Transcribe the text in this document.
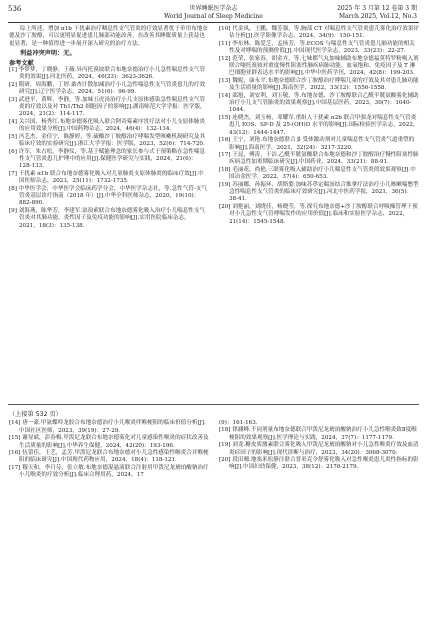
536	世界睡眠医学杂志
World Journal of Sleep Medicine
2025 年 3 月第 12 卷第 3 期
March 2025, Vol.12, No.3

综上所述，增加 α1b 干扰素治疗咽息性支气管炎的疗效显著优于单用布地奈德及沙丁胺醇，可以更明显促进患儿肺部功能改善，在改善其睡眠质量上获益也更显著，是一种值得进一步展开深入研究的治疗方法。

利益冲突声明：无。

参考文献

[1] 李梦梦，丁晓静，王薇.异丙托溴铵联合布地奈德治疗小儿急性喘息性支气管炎的效果[J].河北医药，2024，46(23)：3623-3626.

[2] 隋研，周海鹏，丁婷.桑杏汁散加减治疗小儿急性喘息性支气管炎患儿的疗效研究[J].辽宁医学杂志，2024，51(6)：96-99.

[3] 武进平，黄辉，李静，等.加味五虎汤治疗小儿支原体感染急性喘息性支气管炎的疗效以及对 Th1/Th2 细胞因子的影响[J].湖南师范大学学报：医学版，2024，21(2)：114-117.

[4] 关兴国，杨秀红.布地奈德雾化吸入联合阿奇霉素序贯疗法对小儿支原体肺炎的应用效果分析[J].中国药物杂志，2024，46(4)：132-134.

[5] 冯艺杰，金佳宁，陈静婷，等.硫酸沙丁胺醇治疗哮喘发型咳嗽机制研究及其临床疗效的实验研究[J].浙江大学学报：医学版，2023，52(6)：714-720.

[6] 许军，朱占松，李静仪，等.基于赋能理念的家长参与式于预策略在急性喘息性支气管炎患儿护理中的应用[J].保健医学研究与实践，2024，21(6)：128-133.

[7] 干扰素 α1b 联合布地奈德雾化吸入对儿童肺炎支原体肺炎的临床疗效[J].中国医师杂志，2023，25(11)：1732-1735.

[8] 中华医学会，中华医学会临床药学分会，中华医学杂志社，等.急性气管-支气管炎基层诊疗指南（2018 年）[J].中华全科医师杂志，2020，19(10)：882-890.

[9] 刘海燕，陈华芳，李建军.氨溴索联合布地奈德雾化吸入治疗小儿喘息性支气管炎对其肺功能、炎性因子及免疫功能的影响[J].实用医院临床杂志，2021，18(3)：135-138.

[10] 代金凤，王鹏，魏芳强，等.胸部 CT 对喘息性支气管炎患儿雾化治疗效果评估分析[J].医学影像学杂志，2024，34(9)：150-151.

[11] 李东林，陈爱芝，孟扬芳，等.ECOS 与喘息性支气管炎患儿肺功能的相关性及对哮喘的预测价值[J].中国现代医学杂志，2023，33(23)：22-27.

[12] 范荣，张家春，胡金卉，等.七味都气丸加味辅助布地奈德福莫特罗粉吸入剂联合噻托溴铵对重度慢性阻塞性肺疾病肺功能、血氧饱和、免疫因子及 T 淋巴细胞亚群表达水平的影响[J].中华中医药学刊，2024，42(8)：199-203.

[13] 魏妮，康永平.布地奈德联合沙丁胺醇治疗哮喘儿童的疗效及其对患儿肺功能及生活质量的影响[J].海南医学，2022，33(12)：1556-1558.

[14] 邵旭，刘安利，刘玉敬，等.布地奈德、沙丁胺醇联合乙酰半胱氨酸雾化辅助治疗小儿支气管肺炎的效果观察[J].中国基层医药，2023，30(7)：1040-1044.

[15] 连晓杰，刘玉杨，邓耀军.重组人干扰素 α2b 联合甲强龙对喘息性支气管炎患儿 EOS、SP-D 及 25-(OH)D 水平的影响[J].国际检验医学杂志，2022，43(12)：1444-1447.

[16] 王宁，刘艳.布地奈德联合 β 受体激动剂对儿童喘息性支气管炎气道重塑的影响[J].海南医学，2021，32(24)：3217-3220.

[17] 王昆，傅涛，于洁.乙酰半胱氨酸联合布地奈德和沙丁胺醇治疗慢性阻塞性肺疾病急性加重期临床研究[J].中国药业，2024，33(21)：88-91.

[18] 毛丽花，尚艳.三联雾化吸入辅助治疗小儿喘息性支气管炎的效果观察[J].中国冶金医学，2022，37(4)：650-653.

[19] 苏丽娜，孙振环，胡斯姿.加味苏葶定喘汤结合推拿疗法治疗小儿咳嗽喘憋型急性喘息性支气管炎的临床疗效研究[J].河北中医药学报，2021，36(5)：38-41.

[20] 刘艳丽，刘晓佳，杨晓莹，等.探究布地奈德+沙丁胺醇联合呼吸操管理干预对小儿急性支气管哮喘发作的应用价值[J].临床和实验医学杂志，2022，21(14)：1545-1548.

（上接第 532 页）

[14] 唐一豪.甲氨蝶呤龙胶合布地奈德治疗小儿喉炎伴喉梗阻的临床价值分析[J].中国社区医师，2023，39(19)：27-29.

[15] 谢显斌，彭春梅.甲泼尼龙联合布地奈德雾化对儿童感染性喉炎的症状改善及生活质量的影响[J].中华养生保健，2024，42(20)：193-196.

[16] 伍蕾佳，王艺，孟芳.甲泼尼龙联合布地奈德对小儿急性感染性喉炎合并喉梗阻的临床研究[J].中国现代药物应用，2024，18(4)：118-121.

[17] 穆天和，李月芬，张立敏.布地奈德混悬液联合注射用甲泼尼龙琥珀酸钠治疗小儿喉炎的疗效分析[J].临床合理用药，2024，17

(9)：161-163.

[18] 律涵峰.不同剂量布地奈德联合甲泼尼龙琥珀酸钠治疗小儿急性喉炎致Ⅱ度喉梗阻的效果观察[J].医学理论与实践，2024，37(7)：1177-1179.

[19] 刘龙.糖皮质激素联合雾化吸入甲泼尼龙琥珀酸钠对小儿急性喉炎疗效及血清炎症因子的影响[J].现代诊断与治疗，2023，34(20)：3068-3070.

[20] 段田珊.地塞米松静注联合普米克令舒雾化吸入对急性喉炎患儿炎性指标的影响[J].中国妇幼保健，2023，38(12)：2176-2179.
